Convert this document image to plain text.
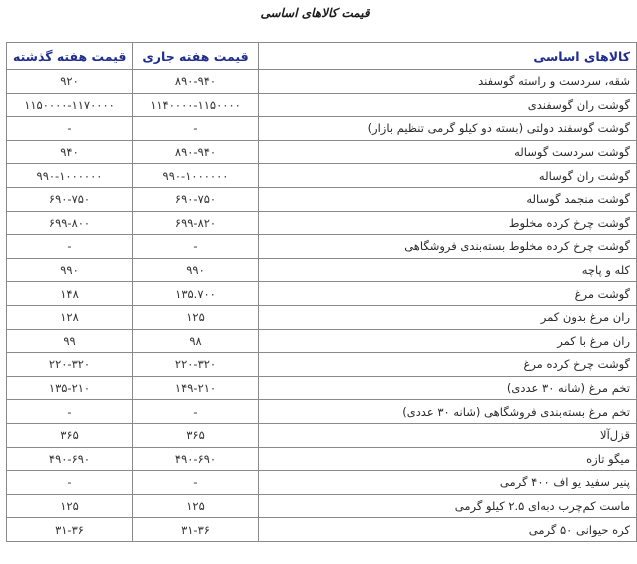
قیمت کالاهای اساسی
قیمت هفته گذشته	قیمت هفته جاری	کالاهای اساسی
۹۲۰	۸۹۰-۹۴۰	شقه، سردست و راسته گوسفند
۱۱۵۰۰۰۰-۱۱۷۰۰۰۰	۱۱۴۰۰۰۰-۱۱۵۰۰۰۰	گوشت ران گوسفندی
-	-	گوشت گوسفند دولتی (بسته دو کیلو گرمی تنظیم بازار)
۹۴۰	۸۹۰-۹۴۰	گوشت سردست گوساله
۹۹۰-۱۰۰۰۰۰۰	۹۹۰-۱۰۰۰۰۰۰	گوشت ران گوساله
۶۹۰-۷۵۰	۶۹۰-۷۵۰	گوشت منجمد گوساله
۶۹۹-۸۰۰	۶۹۹-۸۲۰	گوشت چرخ کرده مخلوط
-	-	گوشت چرخ کرده مخلوط بسته‌بندی فروشگاهی
۹۹۰	۹۹۰	کله و پاچه
۱۴۸	۱۳۵.۷۰۰	گوشت مرغ
۱۲۸	۱۲۵	ران مرغ بدون کمر
۹۹	۹۸	ران مرغ با کمر
۲۲۰-۳۲۰	۲۲۰-۳۲۰	گوشت چرخ کرده مرغ
۱۳۵-۲۱۰	۱۴۹-۲۱۰	تخم مرغ (شانه ۳۰ عددی)
-	-	تخم مرغ بسته‌بندی فروشگاهی (شانه ۳۰ عددی)
۳۶۵	۳۶۵	قزل‌آلا
۴۹۰-۶۹۰	۴۹۰-۶۹۰	میگو تازه
-	-	پنیر سفید یو اف ۴۰۰ گرمی
۱۲۵	۱۲۵	ماست کم‌چرب دبه‌ای ۲.۵ کیلو گرمی
۳۱-۳۶	۳۱-۳۶	کره حیوانی ۵۰ گرمی
